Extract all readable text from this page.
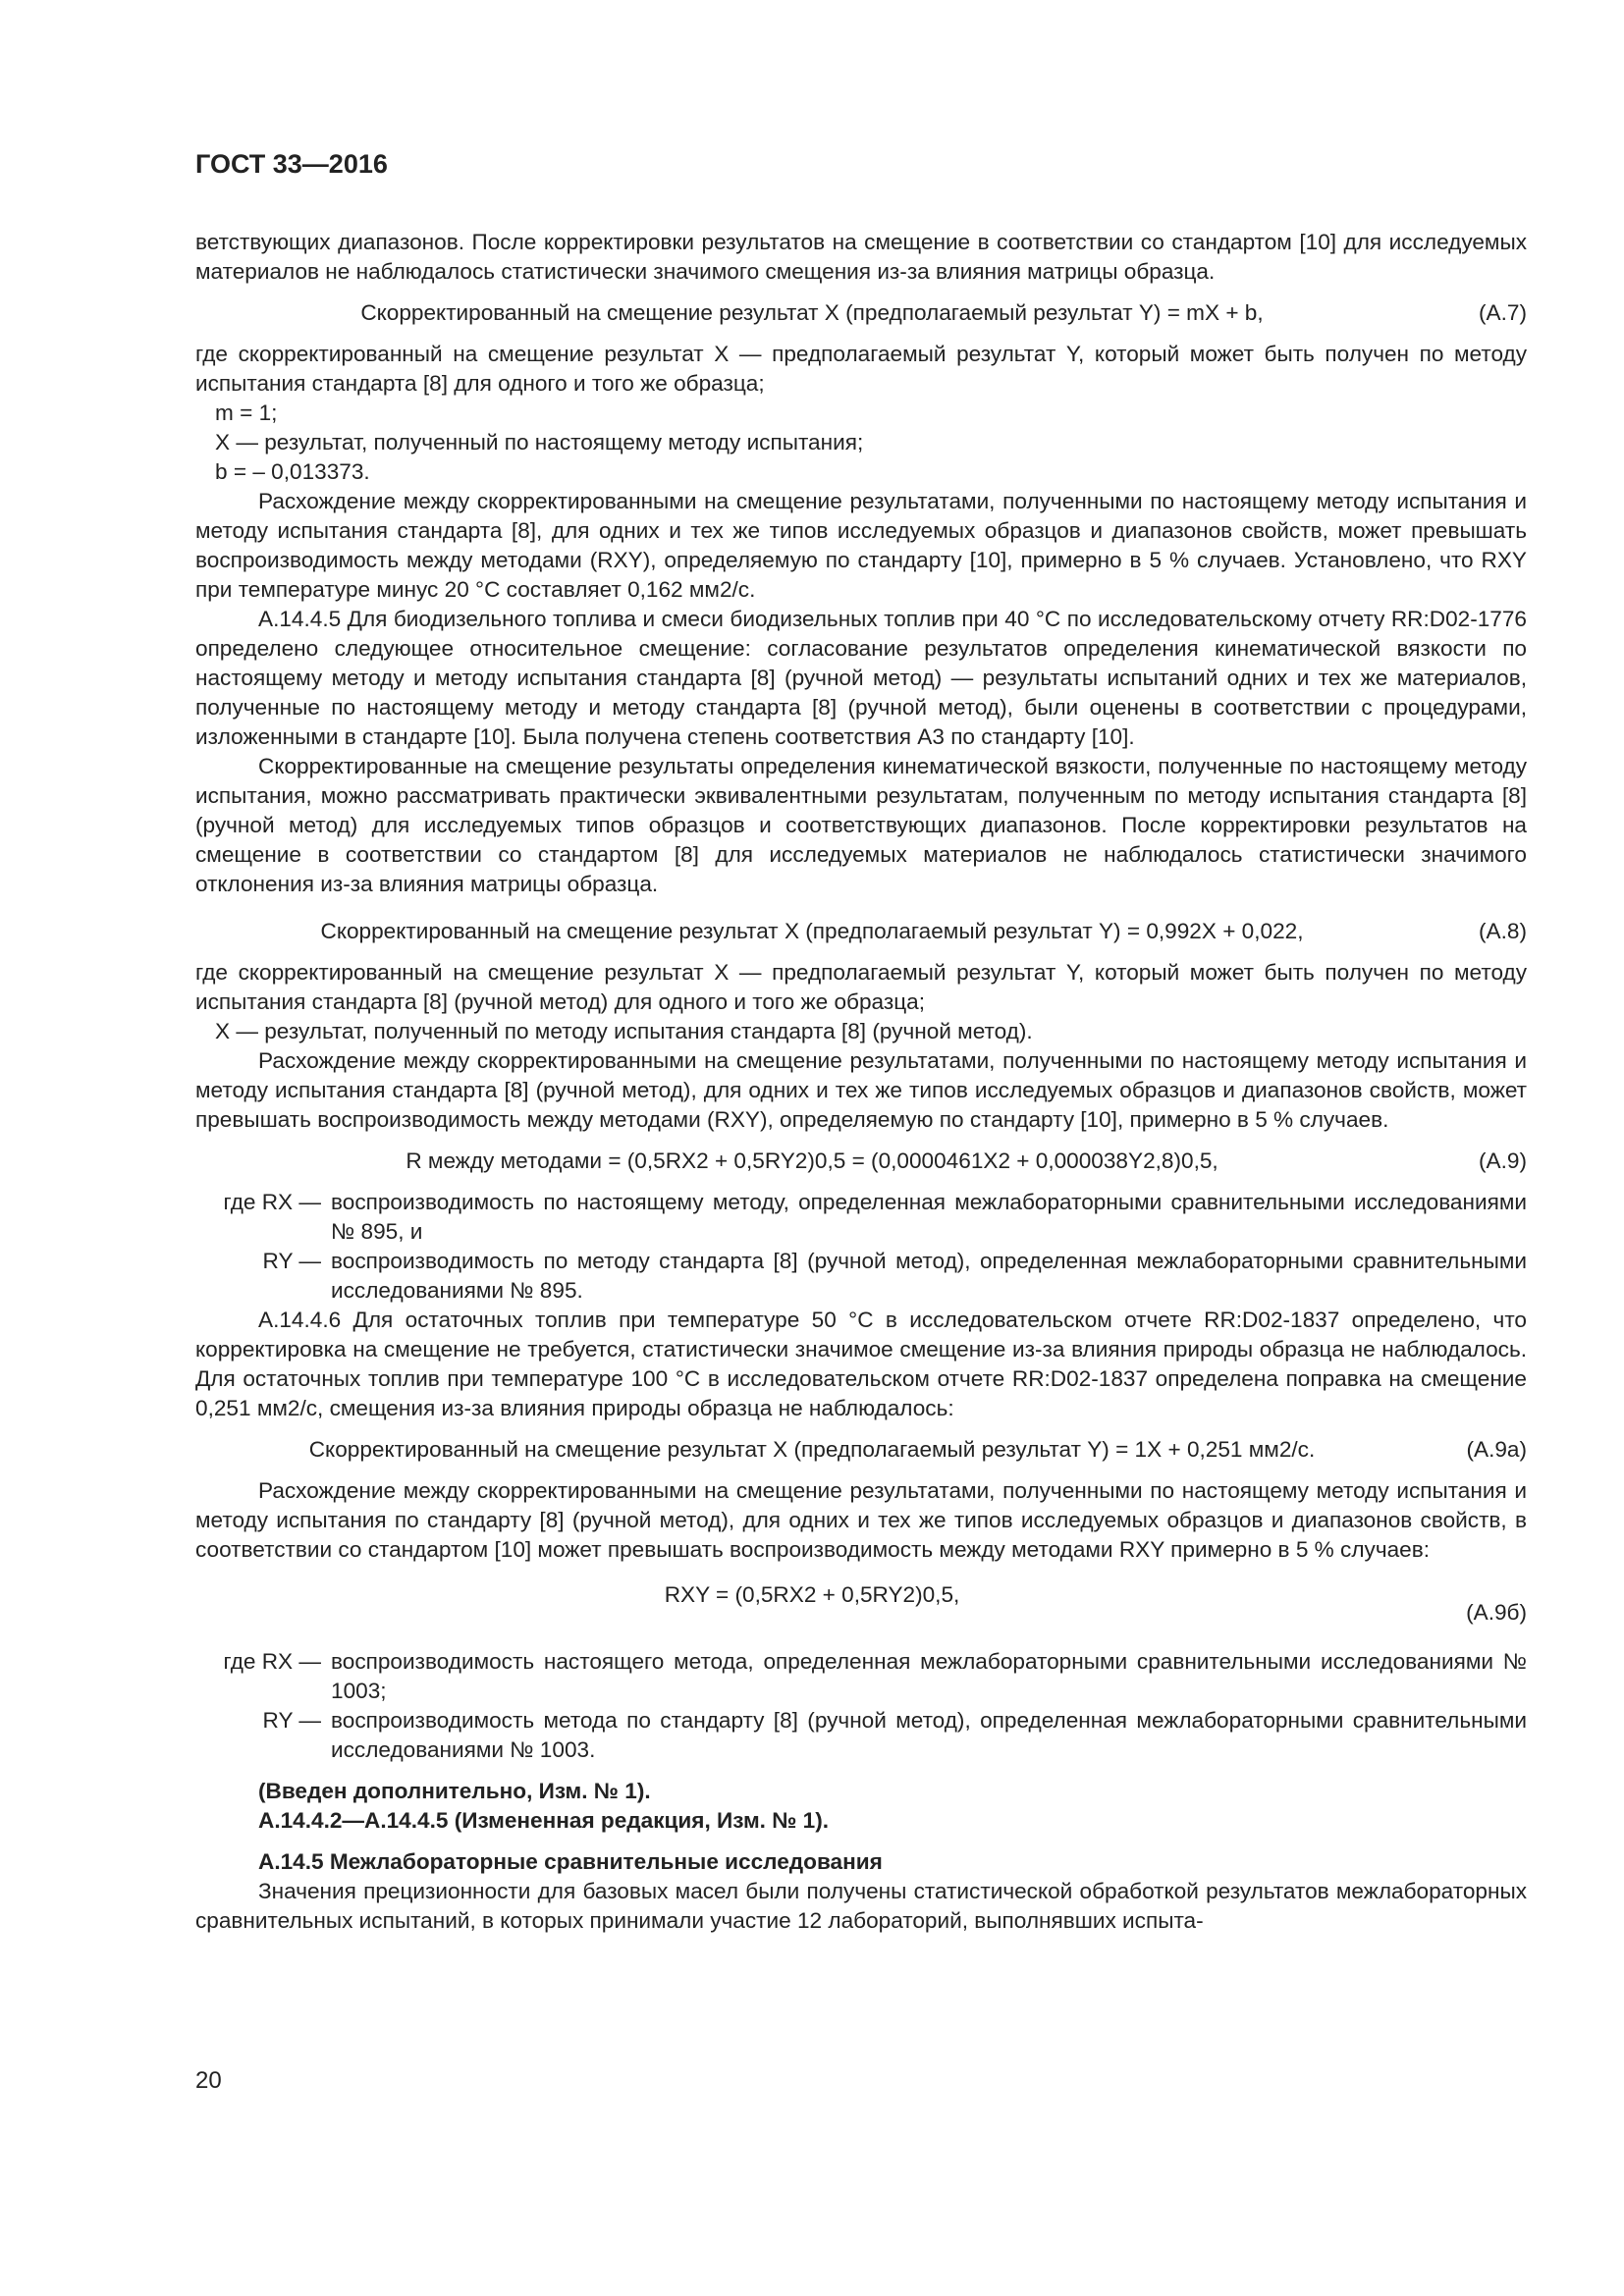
ГОСТ 33—2016

ветствующих диапазонов. После корректировки результатов на смещение в соответствии со стандартом [10] для исследуемых материалов не наблюдалось статистически значимого смещения из-за влияния матрицы образца.

Скорректированный на смещение результат X (предполагаемый результат Y) = mX + b,	(А.7)

где скорректированный на смещение результат X — предполагаемый результат Y, который может быть получен по методу испытания стандарта [8] для одного и того же образца;

m = 1;

X — результат, полученный по настоящему методу испытания;

b = – 0,013373.

Расхождение между скорректированными на смещение результатами, полученными по настоящему методу испытания и методу испытания стандарта [8], для одних и тех же типов исследуемых образцов и диапазонов свойств, может превышать воспроизводимость между методами (RXY), определяемую по стандарту [10], примерно в 5 % случаев. Установлено, что RXY при температуре минус 20 °С составляет 0,162 мм2/с.

А.14.4.5 Для биодизельного топлива и смеси биодизельных топлив при 40 °С по исследовательскому отчету RR:D02-1776 определено следующее относительное смещение: согласование результатов определения кинематической вязкости по настоящему методу и методу испытания стандарта [8] (ручной метод) — результаты испытаний одних и тех же материалов, полученные по настоящему методу и методу стандарта [8] (ручной метод), были оценены в соответствии с процедурами, изложенными в стандарте [10]. Была получена степень соответствия А3 по стандарту [10].

Скорректированные на смещение результаты определения кинематической вязкости, полученные по настоящему методу испытания, можно рассматривать практически эквивалентными результатам, полученным по методу испытания стандарта [8] (ручной метод) для исследуемых типов образцов и соответствующих диапазонов. После корректировки результатов на смещение в соответствии со стандартом [8] для исследуемых материалов не наблюдалось статистически значимого отклонения из-за влияния матрицы образца.

Скорректированный на смещение результат X (предполагаемый результат Y) = 0,992X + 0,022,	(А.8)

где скорректированный на смещение результат X — предполагаемый результат Y, который может быть получен по методу испытания стандарта [8] (ручной метод) для одного и того же образца;

X — результат, полученный по методу испытания стандарта [8] (ручной метод).

Расхождение между скорректированными на смещение результатами, полученными по настоящему методу испытания и методу испытания стандарта [8] (ручной метод), для одних и тех же типов исследуемых образцов и диапазонов свойств, может превышать воспроизводимость между методами (RXY), определяемую по стандарту [10], примерно в 5 % случаев.

R между методами = (0,5RX2 + 0,5RY2)0,5 = (0,0000461X2 + 0,000038Y2,8)0,5,	(А.9)
где RX — воспроизводимость по настоящему методу, определенная межлабораторными сравнительными исследованиями № 895, и
RY — воспроизводимость по методу стандарта [8] (ручной метод), определенная межлабораторными сравнительными исследованиями № 895.

А.14.4.6 Для остаточных топлив при температуре 50 °С в исследовательском отчете RR:D02-1837 определено, что корректировка на смещение не требуется, статистически значимое смещение из-за влияния природы образца не наблюдалось. Для остаточных топлив при температуре 100 °С в исследовательском отчете RR:D02-1837 определена поправка на смещение 0,251 мм2/с, смещения из-за влияния природы образца не наблюдалось:

Скорректированный на смещение результат X (предполагаемый результат Y) = 1X + 0,251 мм2/с.	(А.9а)

Расхождение между скорректированными на смещение результатами, полученными по настоящему методу испытания и методу испытания по стандарту [8] (ручной метод), для одних и тех же типов исследуемых образцов и диапазонов свойств, в соответствии со стандартом [10] может превышать воспроизводимость между методами RXY примерно в 5 % случаев:

RXY = (0,5RX2 + 0,5RY2)0,5,
(А.9б)
где RX — воспроизводимость настоящего метода, определенная межлабораторными сравнительными исследованиями № 1003;
RY — воспроизводимость метода по стандарту [8] (ручной метод), определенная межлабораторными сравнительными исследованиями № 1003.

(Введен дополнительно, Изм. № 1).

А.14.4.2—А.14.4.5 (Измененная редакция, Изм. № 1).

А.14.5 Межлабораторные сравнительные исследования

Значения прецизионности для базовых масел были получены статистической обработкой результатов межлабораторных сравнительных испытаний, в которых принимали участие 12 лабораторий, выполнявших испыта-

20
